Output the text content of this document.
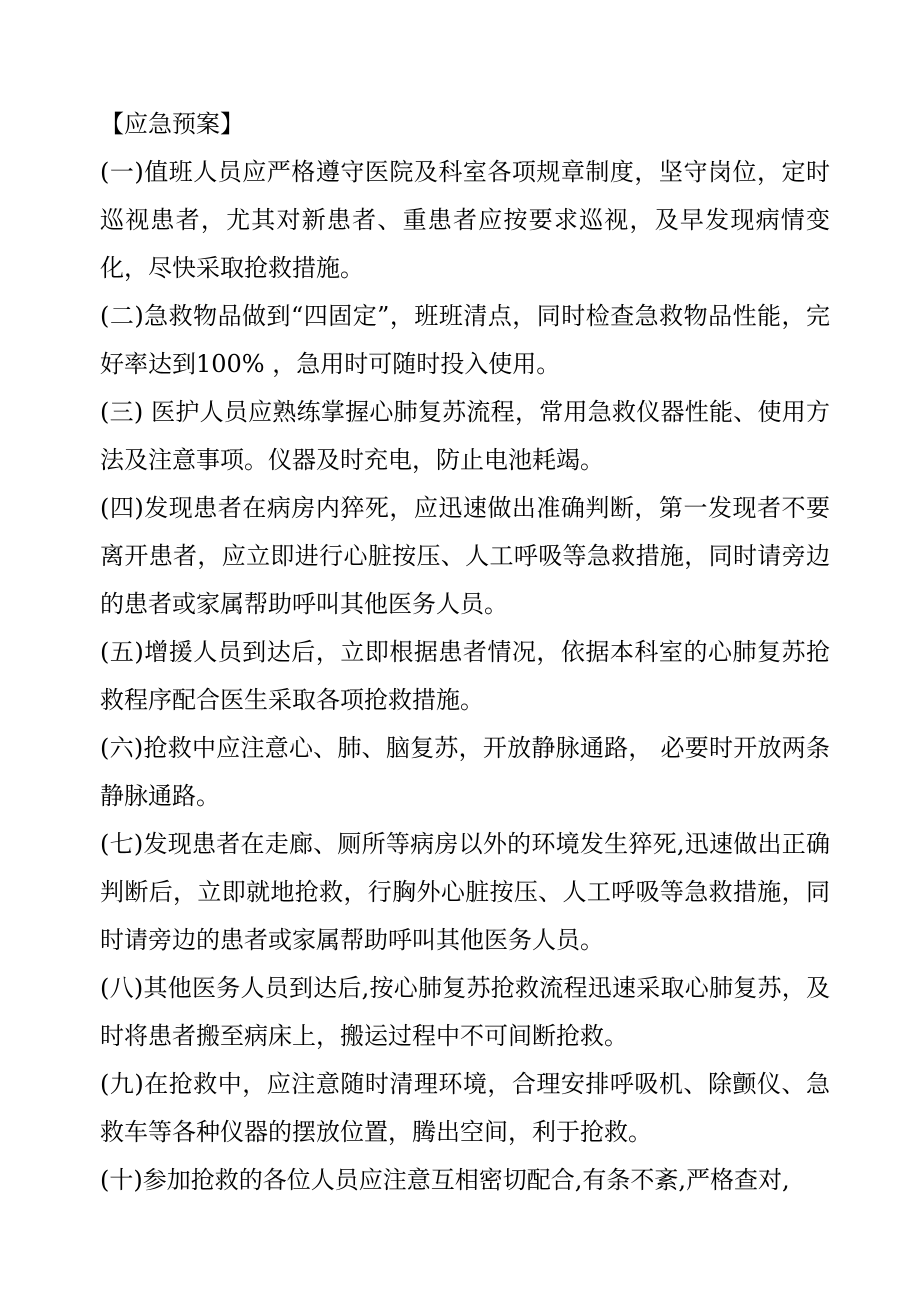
【应急预案】

(一)值班人员应严格遵守医院及科室各项规章制度，坚守岗位，定时巡视患者，尤其对新患者、重患者应按要求巡视，及早发现病情变化，尽快采取抢救措施。

(二)急救物品做到“四固定”，班班清点，同时检查急救物品性能，完好率达到100% ，急用时可随时投入使用。

(三) 医护人员应熟练掌握心肺复苏流程，常用急救仪器性能、使用方法及注意事项。仪器及时充电，防止电池耗竭。

(四)发现患者在病房内猝死，应迅速做出准确判断，第一发现者不要离开患者，应立即进行心脏按压、人工呼吸等急救措施，同时请旁边的患者或家属帮助呼叫其他医务人员。

(五)增援人员到达后，立即根据患者情况，依据本科室的心肺复苏抢救程序配合医生采取各项抢救措施。

(六)抢救中应注意心、肺、脑复苏，开放静脉通路， 必要时开放两条静脉通路。

(七)发现患者在走廊、厕所等病房以外的环境发生猝死,迅速做出正确判断后，立即就地抢救，行胸外心脏按压、人工呼吸等急救措施，同时请旁边的患者或家属帮助呼叫其他医务人员。

(八)其他医务人员到达后,按心肺复苏抢救流程迅速采取心肺复苏，及时将患者搬至病床上，搬运过程中不可间断抢救。

(九)在抢救中，应注意随时清理环境，合理安排呼吸机、除颤仪、急救车等各种仪器的摆放位置，腾出空间，利于抢救。

(十)参加抢救的各位人员应注意互相密切配合,有条不紊,严格查对,
